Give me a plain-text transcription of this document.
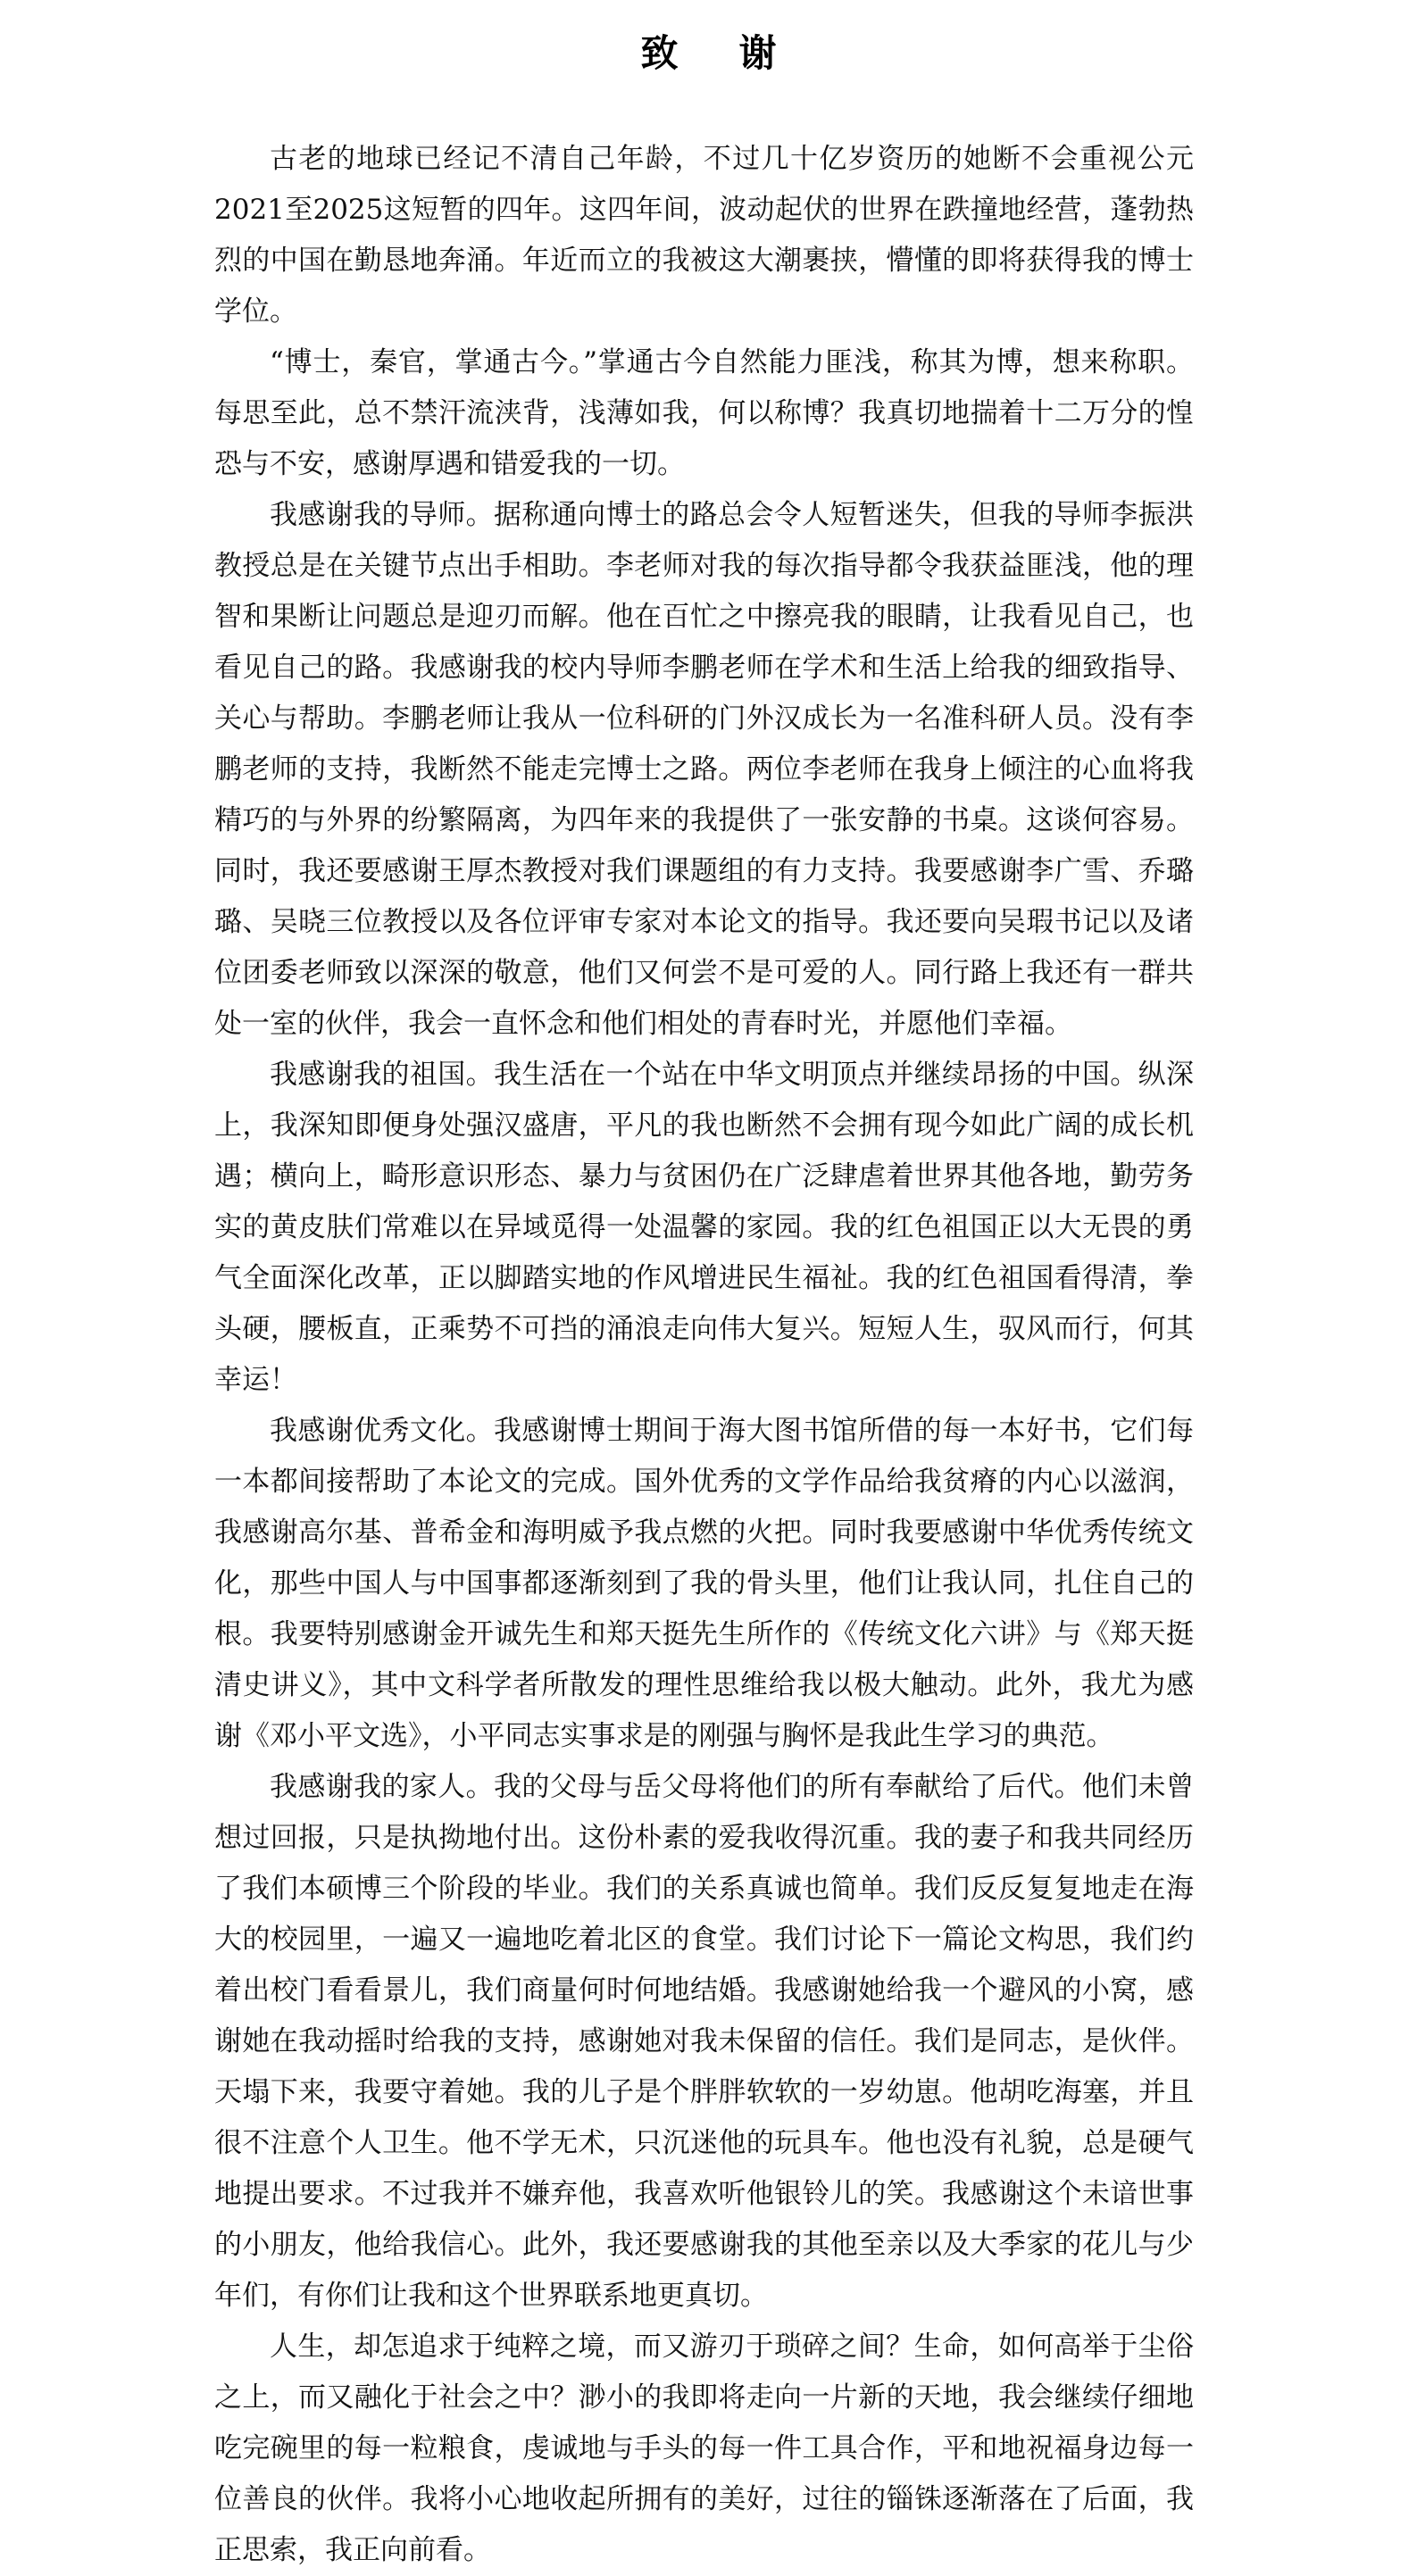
致谢

古老的地球已经记不清自己年龄，不过几十亿岁资历的她断不会重视公元2021至2025这短暂的四年。这四年间，波动起伏的世界在跌撞地经营，蓬勃热烈的中国在勤恳地奔涌。年近而立的我被这大潮裹挟，懵懂的即将获得我的博士学位。

“博士，秦官，掌通古今。”掌通古今自然能力匪浅，称其为博，想来称职。每思至此，总不禁汗流浃背，浅薄如我，何以称博？我真切地揣着十二万分的惶恐与不安，感谢厚遇和错爱我的一切。

我感谢我的导师。据称通向博士的路总会令人短暂迷失，但我的导师李振洪教授总是在关键节点出手相助。李老师对我的每次指导都令我获益匪浅，他的理智和果断让问题总是迎刃而解。他在百忙之中擦亮我的眼睛，让我看见自己，也看见自己的路。我感谢我的校内导师李鹏老师在学术和生活上给我的细致指导、关心与帮助。李鹏老师让我从一位科研的门外汉成长为一名准科研人员。没有李鹏老师的支持，我断然不能走完博士之路。两位李老师在我身上倾注的心血将我精巧的与外界的纷繁隔离，为四年来的我提供了一张安静的书桌。这谈何容易。同时，我还要感谢王厚杰教授对我们课题组的有力支持。我要感谢李广雪、乔璐璐、吴晓三位教授以及各位评审专家对本论文的指导。我还要向吴瑕书记以及诸位团委老师致以深深的敬意，他们又何尝不是可爱的人。同行路上我还有一群共处一室的伙伴，我会一直怀念和他们相处的青春时光，并愿他们幸福。

我感谢我的祖国。我生活在一个站在中华文明顶点并继续昂扬的中国。纵深上，我深知即便身处强汉盛唐，平凡的我也断然不会拥有现今如此广阔的成长机遇；横向上，畸形意识形态、暴力与贫困仍在广泛肆虐着世界其他各地，勤劳务实的黄皮肤们常难以在异域觅得一处温馨的家园。我的红色祖国正以大无畏的勇气全面深化改革，正以脚踏实地的作风增进民生福祉。我的红色祖国看得清，拳头硬，腰板直，正乘势不可挡的涌浪走向伟大复兴。短短人生，驭风而行，何其幸运！

我感谢优秀文化。我感谢博士期间于海大图书馆所借的每一本好书，它们每一本都间接帮助了本论文的完成。国外优秀的文学作品给我贫瘠的内心以滋润，我感谢高尔基、普希金和海明威予我点燃的火把。同时我要感谢中华优秀传统文化，那些中国人与中国事都逐渐刻到了我的骨头里，他们让我认同，扎住自己的根。我要特别感谢金开诚先生和郑天挺先生所作的《传统文化六讲》与《郑天挺清史讲义》，其中文科学者所散发的理性思维给我以极大触动。此外，我尤为感谢《邓小平文选》，小平同志实事求是的刚强与胸怀是我此生学习的典范。

我感谢我的家人。我的父母与岳父母将他们的所有奉献给了后代。他们未曾想过回报，只是执拗地付出。这份朴素的爱我收得沉重。我的妻子和我共同经历了我们本硕博三个阶段的毕业。我们的关系真诚也简单。我们反反复复地走在海大的校园里，一遍又一遍地吃着北区的食堂。我们讨论下一篇论文构思，我们约着出校门看看景儿，我们商量何时何地结婚。我感谢她给我一个避风的小窝，感谢她在我动摇时给我的支持，感谢她对我未保留的信任。我们是同志，是伙伴。天塌下来，我要守着她。我的儿子是个胖胖软软的一岁幼崽。他胡吃海塞，并且很不注意个人卫生。他不学无术，只沉迷他的玩具车。他也没有礼貌，总是硬气地提出要求。不过我并不嫌弃他，我喜欢听他银铃儿的笑。我感谢这个未谙世事的小朋友，他给我信心。此外，我还要感谢我的其他至亲以及大季家的花儿与少年们，有你们让我和这个世界联系地更真切。

人生，却怎追求于纯粹之境，而又游刃于琐碎之间？生命，如何高举于尘俗之上，而又融化于社会之中？渺小的我即将走向一片新的天地，我会继续仔细地吃完碗里的每一粒粮食，虔诚地与手头的每一件工具合作，平和地祝福身边每一位善良的伙伴。我将小心地收起所拥有的美好，过往的锱铢逐渐落在了后面，我正思索，我正向前看。
